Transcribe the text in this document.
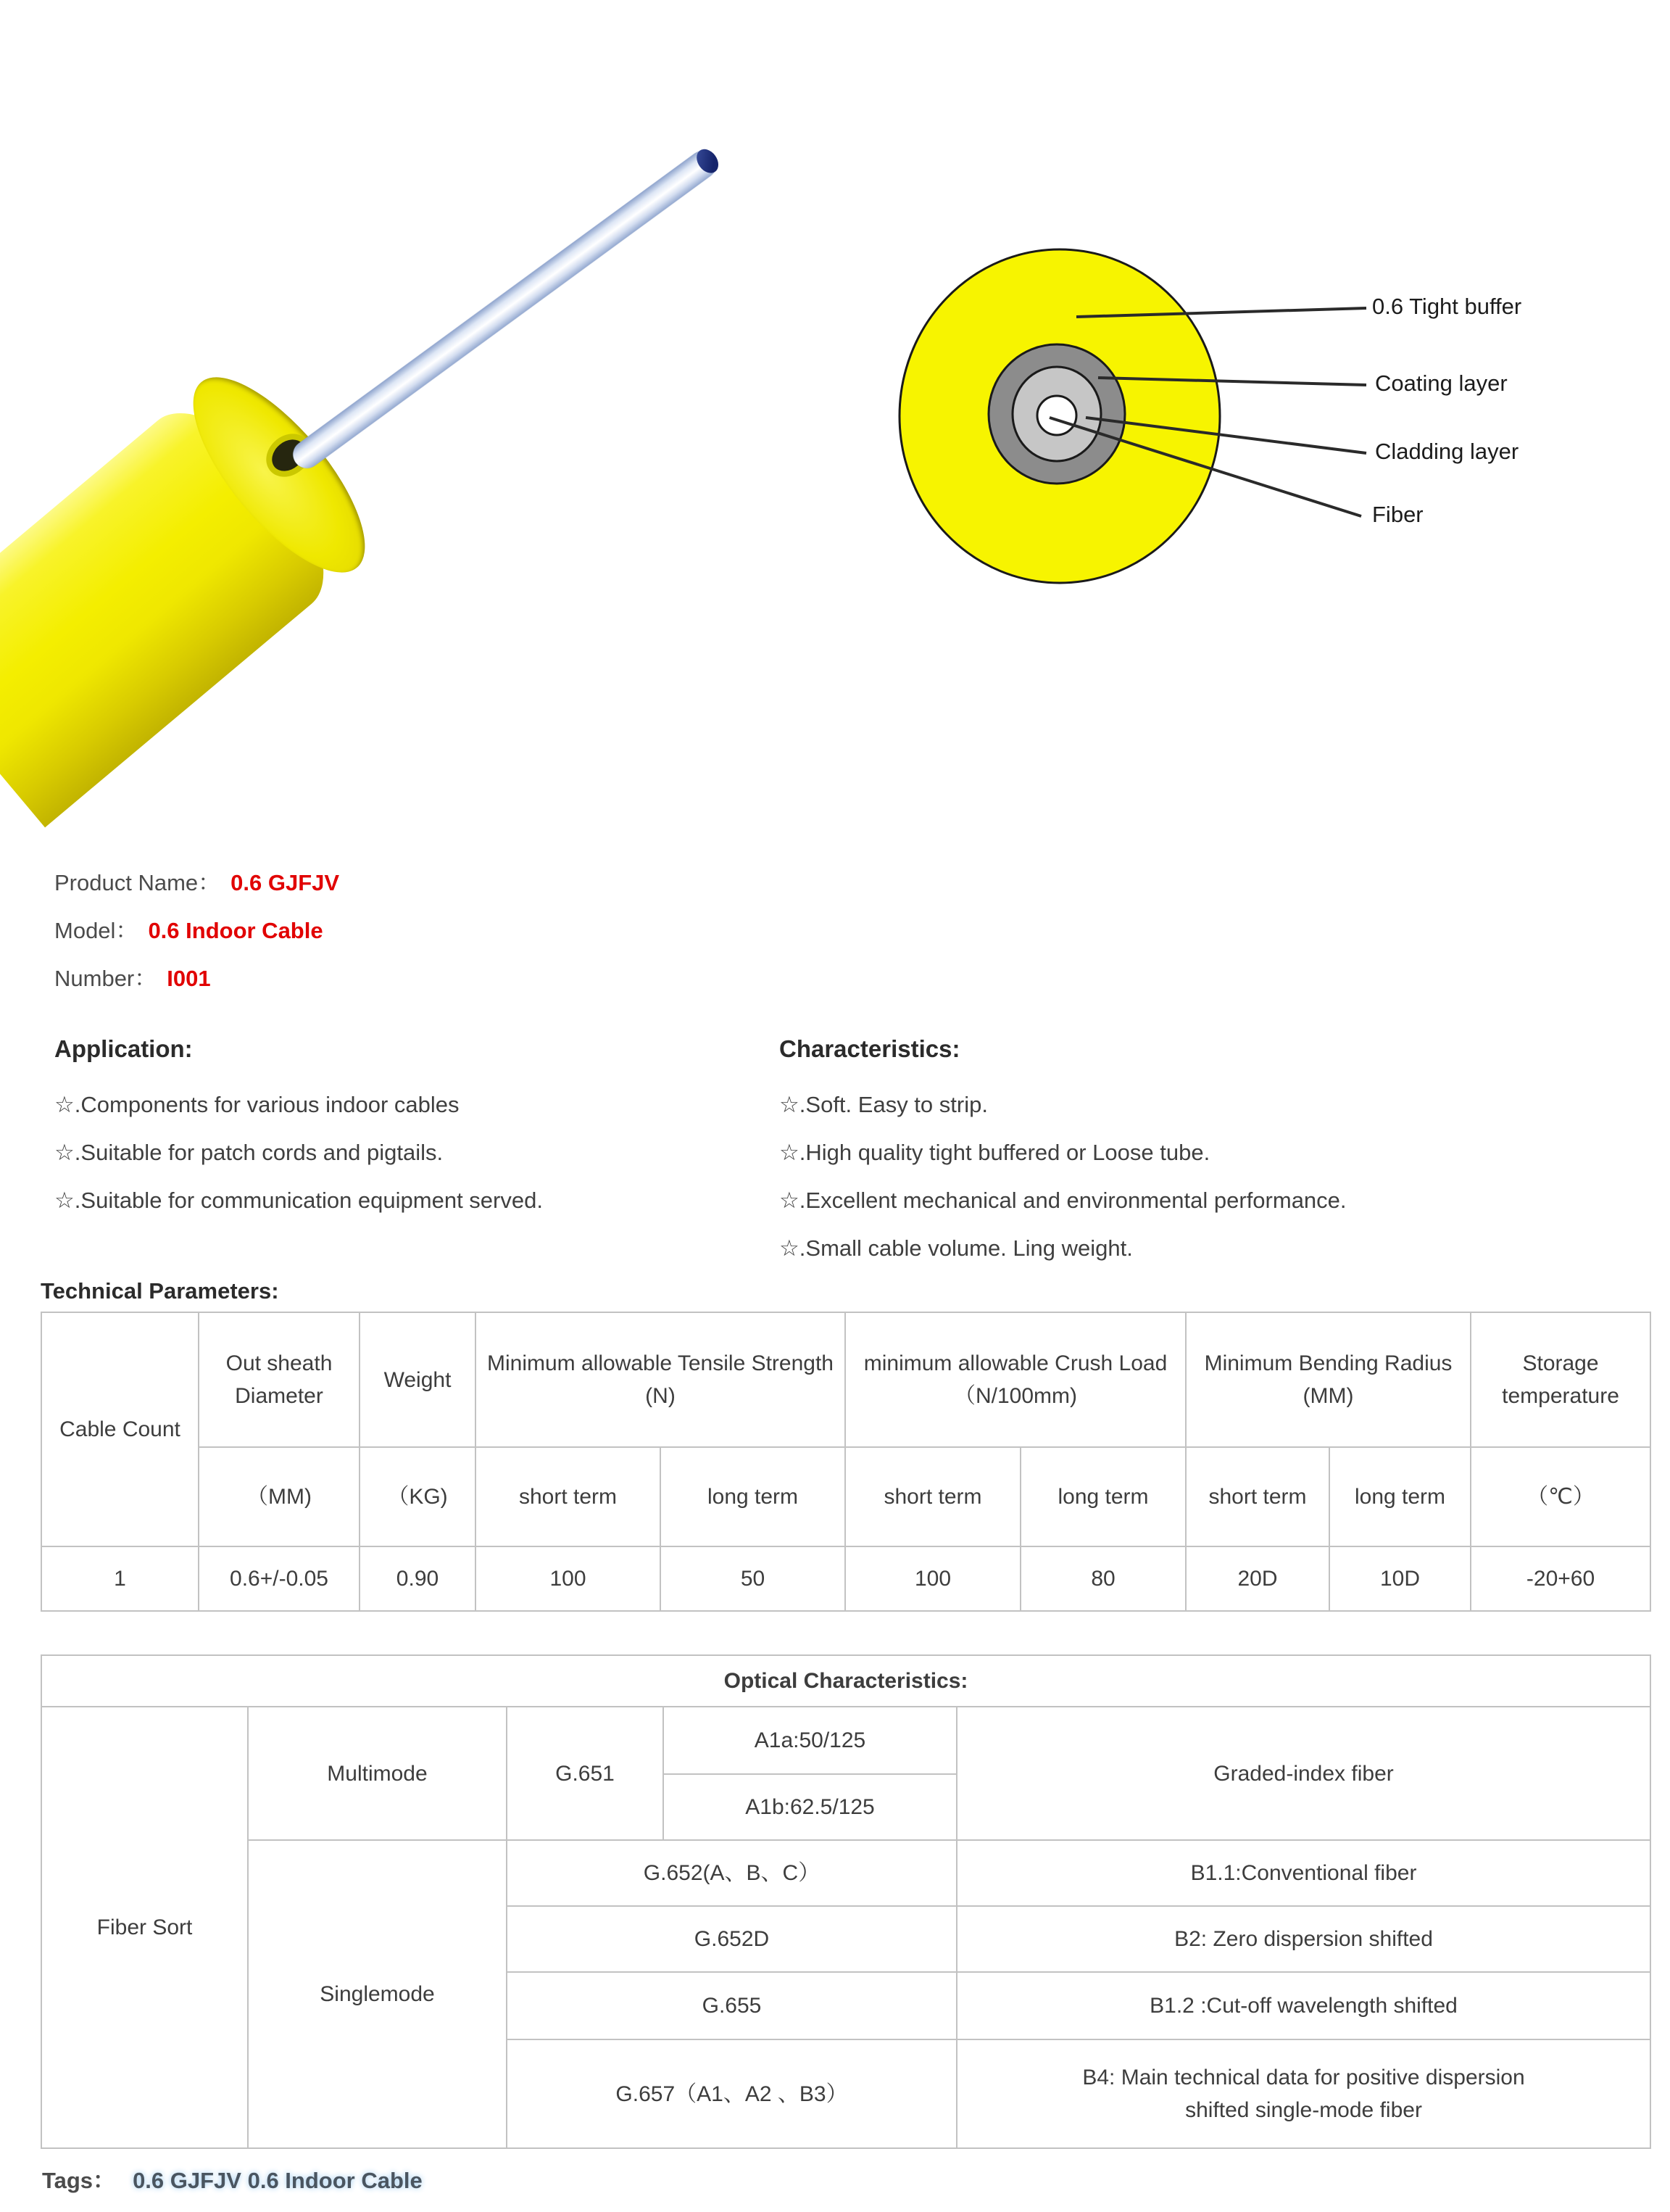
0.6 Tight buffer
Coating layer
Cladding layer
Fiber
Product Name： 0.6 GJFJV
Model： 0.6 Indoor Cable
Number： I001
Application:
☆.Components for various indoor cables
☆.Suitable for patch cords and pigtails.
☆.Suitable for communication equipment served.
Characteristics:
☆.Soft. Easy to strip.
☆.High quality tight buffered or Loose tube.
☆.Excellent mechanical and environmental performance.
☆.Small cable volume. Ling weight.
Technical Parameters:
Cable Count	Out sheath Diameter	Weight	Minimum allowable Tensile Strength (N)		minimum allowable Crush Load （N/100mm)		Minimum Bending Radius (MM)		Storage temperature
	（MM)	（KG)	short term	long term	short term	long term	short term	long term	（℃）
1	0.6+/-0.05	0.90	100	50	100	80	20D	10D	-20+60
Optical Characteristics:				
Fiber Sort	Multimode	G.651	A1a:50/125	Graded-index fiber
			A1b:62.5/125	
	Singlemode	G.652(A、B、C）		B1.1:Conventional fiber
		G.652D		B2: Zero dispersion shifted
		G.655		B1.2 :Cut-off wavelength shifted
		G.657（A1、A2 、B3）		B4: Main technical data for positive dispersion shifted single-mode fiber
Tags： 0.6 GJFJV 0.6 Indoor Cable
